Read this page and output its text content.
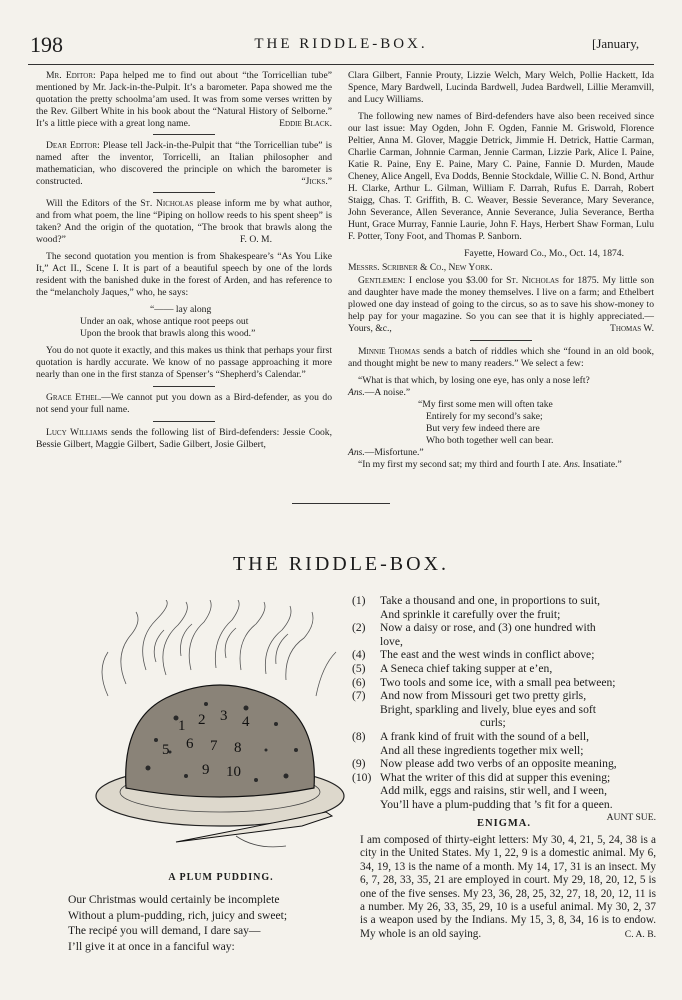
198	THE RIDDLE-BOX.	[January,

Mr. Editor: Papa helped me to find out about “the Torricellian tube” mentioned by Mr. Jack-in-the-Pulpit. It’s a barometer. Papa showed me the quotation the pretty schoolma’am used. It was from some verses written by the Rev. Gilbert White in his book about the “Natural History of Selborne.” It’s a little piece with a great long name.	Eddie Black.

Dear Editor: Please tell Jack-in-the-Pulpit that “the Torricellian tube” is named after the inventor, Torricelli, an Italian philosopher and mathematician, who discovered the principle on which the barometer is constructed.	“Jicks.”

Will the Editors of the St. Nicholas please inform me by what author, and from what poem, the line “Piping on hollow reeds to his spent sheep” is taken? And the origin of the quotation, “The brook that brawls along the wood?”	F. O. M.

The second quotation you mention is from Shakespeare’s “As You Like It,” Act II., Scene I. It is part of a beautiful speech by one of the lords resident with the banished duke in the forest of Arden, and has reference to the “melancholy Jaques,” who, he says:

“—— lay along
Under an oak, whose antique root peeps out
Upon the brook that brawls along this wood.”

You do not quote it exactly, and this makes us think that perhaps your first quotation is hardly accurate. We know of no passage approaching it more nearly than one in the first stanza of Spenser’s “Shepherd’s Calendar.”

Grace Ethel.—We cannot put you down as a Bird-defender, as you do not send your full name.

Lucy Williams sends the following list of Bird-defenders: Jessie Cook, Bessie Gilbert, Maggie Gilbert, Sadie Gilbert, Josie Gilbert,

Clara Gilbert, Fannie Prouty, Lizzie Welch, Mary Welch, Pollie Hackett, Ida Spence, Mary Bardwell, Lucinda Bardwell, Judea Bardwell, Lillie Meramvill, and Lucy Williams.

The following new names of Bird-defenders have also been received since our last issue: May Ogden, John F. Ogden, Fannie M. Griswold, Florence Peltier, Anna M. Glover, Maggie Detrick, Jimmie H. Detrick, Hattie Carman, Charlie Carman, Johnnie Carman, Jennie Carman, Lizzie Park, Alice I. Paine, Katie R. Paine, Eny E. Paine, Mary C. Paine, Fannie D. Murden, Maude Cheney, Alice Angell, Eva Dodds, Bennie Stockdale, Willie C. N. Bond, Arthur H. Clarke, Arthur L. Gilman, William F. Darrah, Rufus E. Darrah, Robert Staigg, Chas. T. Griffith, B. C. Weaver, Bessie Severance, Mary Severance, John Severance, Allen Severance, Annie Severance, Julia Severance, Bertha Hunt, Grace Murray, Fannie Laurie, John F. Hays, Herbert Shaw Forman, Lulu F. Potter, Tony Foot, and Thomas P. Sanborn.

Fayette, Howard Co., Mo., Oct. 14, 1874.

Messrs. Scribner & Co., New York.

Gentlemen: I enclose you $3.00 for St. Nicholas for 1875. My little son and daughter have made the money themselves. I live on a farm; and Ethelbert plowed one day instead of going to the circus, so as to save his show-money to help pay for your magazine. So you can see that it is highly appreciated.—Yours, &c.,	Thomas W.

Minnie Thomas sends a batch of riddles which she “found in an old book, and thought might be new to many readers.” We select a few:

“What is that which, by losing one eye, has only a nose left?
Ans.—A noise.”

“My first some men will often take
Entirely for my second’s sake;
But very few indeed there are
Who both together well can bear.

Ans.—Misfortune.”

“In my first my second sat; my third and fourth I ate. Ans. Insatiate.”

THE RIDDLE-BOX.
1 2 3 4
5 6 7 8
9 10
A PLUM PUDDING.
Our Christmas would certainly be incomplete
Without a plum-pudding, rich, juicy and sweet;
The recipé you will demand, I dare say—
I’ll give it at once in a fanciful way:
(1) Take a thousand and one, in proportions to suit,
And sprinkle it carefully over the fruit;
(2) Now a daisy or rose, and (3) one hundred with
love,
(4) The east and the west winds in conflict above;
(5) A Seneca chief taking supper at e’en,
(6) Two tools and some ice, with a small pea between;
(7) And now from Missouri get two pretty girls,
Bright, sparkling and lively, blue eyes and soft
curls;
(8) A frank kind of fruit with the sound of a bell,
And all these ingredients together mix well;
(9) Now please add two verbs of an opposite meaning,
(10) What the writer of this did at supper this evening;
Add milk, eggs and raisins, stir well, and I ween,
You’ll have a plum-pudding that ’s fit for a queen.
AUNT SUE.
ENIGMA.
I am composed of thirty-eight letters: My 30, 4, 21, 5, 24, 38 is a city in the United States. My 1, 22, 9 is a domestic animal. My 6, 34, 19, 13 is the name of a month. My 14, 17, 31 is an insect. My 6, 7, 28, 33, 35, 21 are employed in court. My 29, 18, 20, 12, 5 is one of the five senses. My 23, 36, 28, 25, 32, 27, 18, 20, 12, 11 is a number. My 26, 33, 35, 29, 10 is a useful animal. My 30, 2, 37 is a weapon used by the Indians. My 15, 3, 8, 34, 16 is to endow. My whole is an old saying.	C. A. B.
